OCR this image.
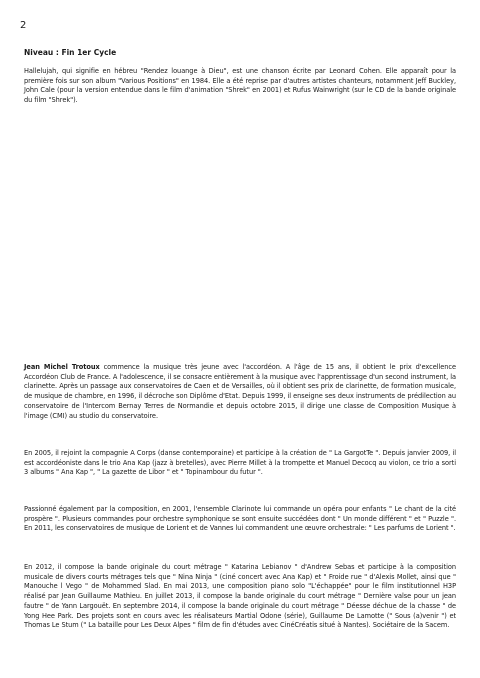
2
Niveau : Fin 1er Cycle

Hallelujah, qui signifie en hébreu "Rendez louange à Dieu", est une chanson écrite par Leonard Cohen. Elle apparaît pour la première fois sur son album "Various Positions" en 1984. Elle a été reprise par d'autres artistes chanteurs, notamment Jeff Buckley, John Cale (pour la version entendue dans le film d'animation "Shrek" en 2001) et Rufus Wainwright (sur le CD de la bande originale du film "Shrek").

Jean Michel Trotoux commence la musique très jeune avec l'accordéon. A l'âge de 15 ans, il obtient le prix d'excellence Accordéon Club de France. A l'adolescence, il se consacre entièrement à la musique avec l'apprentissage d'un second instrument, la clarinette. Après un passage aux conservatoires de Caen et de Versailles, où il obtient ses prix de clarinette, de formation musicale, de musique de chambre, en 1996, il décroche son Diplôme d'Etat. Depuis 1999, il enseigne ses deux instruments de prédilection au conservatoire de l'Intercom Bernay Terres de Normandie et depuis octobre 2015, il dirige une classe de Composition Musique à l'image (CMI) au studio du conservatoire.

En 2005, il rejoint la compagnie A Corps (danse contemporaine) et participe à la création de " La GargotTe ". Depuis janvier 2009, il est accordéoniste dans le trio Ana Kap (jazz à bretelles), avec Pierre Millet à la trompette et Manuel Decocq au violon, ce trio a sorti 3 albums " Ana Kap ", " La gazette de Libor " et " Topinambour du futur ".

Passionné également par la composition, en 2001, l'ensemble Clarinote lui commande un opéra pour enfants " Le chant de la cité prospère ". Plusieurs commandes pour orchestre symphonique se sont ensuite succédées dont " Un monde différent " et " Puzzle ". En 2011, les conservatoires de musique de Lorient et de Vannes lui commandent une œuvre orchestrale: " Les parfums de Lorient ".

En 2012, il compose la bande originale du court métrage " Katarina Lebianov " d'Andrew Sebas et participe à la composition musicale de divers courts métrages tels que " Nina Ninja " (ciné concert avec Ana Kap) et " Froide rue " d'Alexis Mollet, ainsi que " Manouche l Vego " de Mohammed Slad. En mai 2013, une composition piano solo "L'échappée" pour le film institutionnel H3P réalisé par Jean Guillaume Mathieu. En juillet 2013, il compose la bande originale du court métrage " Dernière valse pour un jean fautre " de Yann Largouët. En septembre 2014, il compose la bande originale du court métrage " Déesse déchue de la chasse " de Yong Hee Park. Des projets sont en cours avec les réalisateurs Martial Odone (série), Guillaume De Lamotte (" Sous (a)venir ") et Thomas Le Stum (" La bataille pour Les Deux Alpes " film de fin d'études avec CinéCréatis situé à Nantes). Sociétaire de la Sacem.
